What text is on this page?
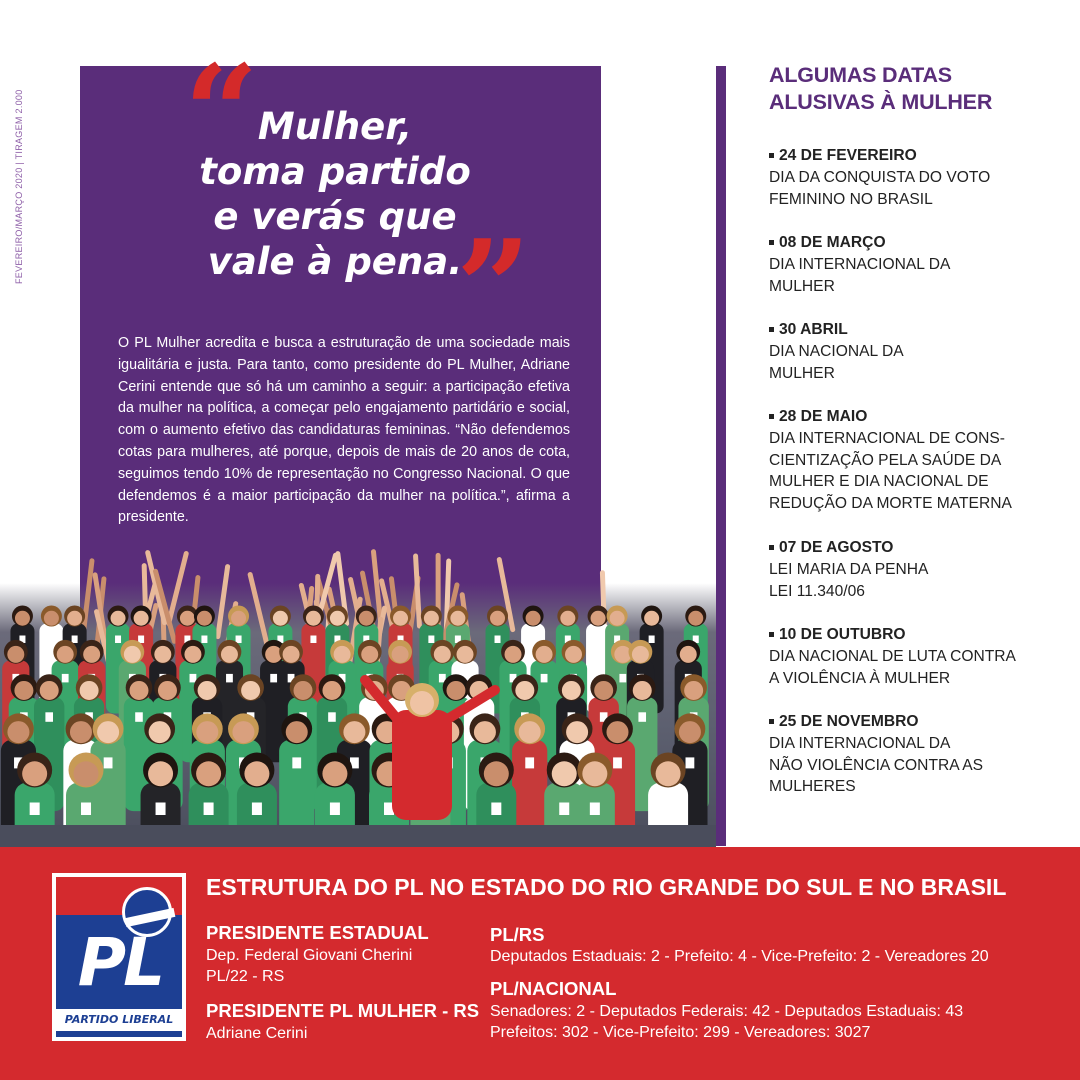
FEVEREIRO/MARÇO 2020 | TIRAGEM 2.000 “ Mulher,
toma partido
e verás que
vale à pena.
”

O PL Mulher acredita e busca a estruturação de uma sociedade mais igualitária e justa. Para tanto, como presidente do PL Mulher, Adriane Cerini entende que só há um caminho a seguir: a participação efetiva da mulher na política, a começar pelo engajamento partidário e social, com o aumento efetivo das candidaturas femininas. “Não defendemos cotas para mulheres, até porque, depois de mais de 20 anos de cota, seguimos tendo 10% de representação no Congresso Nacional. O que defendemos é a maior participação da mulher na política.”, afirma a presidente.

ALGUMAS DATAS
ALUSIVAS À MULHER
24 DE FEVEREIRO
DIA DA CONQUISTA DO VOTO
FEMININO NO BRASIL
08 DE MARÇO
DIA INTERNACIONAL DA
MULHER
30 ABRIL
DIA NACIONAL DA
MULHER
28 DE MAIO
DIA INTERNACIONAL DE CONS-
CIENTIZAÇÃO PELA SAÚDE DA
MULHER E DIA NACIONAL DE
REDUÇÃO DA MORTE MATERNA
07 DE AGOSTO
LEI MARIA DA PENHA
LEI 11.340/06
10 DE OUTUBRO
DIA NACIONAL DE LUTA CONTRA
A VIOLÊNCIA À MULHER
25 DE NOVEMBRO
DIA INTERNACIONAL DA
NÃO VIOLÊNCIA CONTRA AS
MULHERES
PL
PARTIDO LIBERAL
ESTRUTURA DO PL NO ESTADO DO RIO GRANDE DO SUL E NO BRASIL
PRESIDENTE ESTADUAL
Dep. Federal Giovani Cherini
PL/22 - RS
PRESIDENTE PL MULHER - RS
Adriane Cerini
PL/RS
Deputados Estaduais: 2 - Prefeito: 4 - Vice-Prefeito: 2 - Vereadores 20
PL/NACIONAL
Senadores: 2 - Deputados Federais: 42 - Deputados Estaduais: 43
Prefeitos: 302 - Vice-Prefeito: 299 - Vereadores: 3027
